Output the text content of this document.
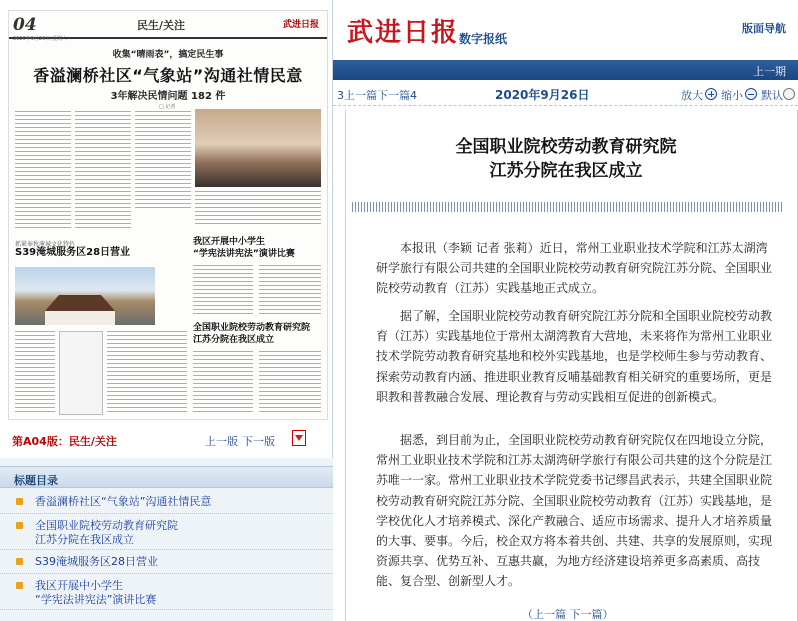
04	民生/关注	武进日报
2020年9月26日 星期六
收集“晴雨表”，搞定民生事
香溢澜桥社区“气象站”沟通社情民意
3年解决民情问题 182 件
□ 记者
抓紧奉秋淹城文化特色
S39淹城服务区28日营业
我区开展中小学生
“学宪法讲宪法”演讲比赛
全国职业院校劳动教育研究院
江苏分院在我区成立
第A04版：民生/关注	上一版 下一版
标题目录
香溢澜桥社区“气象站”沟通社情民意
全国职业院校劳动教育研究院
江苏分院在我区成立
S39淹城服务区28日营业
我区开展中小学生
“学宪法讲宪法”演讲比赛
武进日报 数字报纸
版面导航
上一期
3上一篇 下一篇4	2020年9月26日	放大 缩小 默认
全国职业院校劳动教育研究院
江苏分院在我区成立

本报讯（李颖 记者 张莉）近日，常州工业职业技术学院和江苏太湖湾研学旅行有限公司共建的全国职业院校劳动教育研究院江苏分院、全国职业院校劳动教育（江苏）实践基地正式成立。

据了解，全国职业院校劳动教育研究院江苏分院和全国职业院校劳动教育（江苏）实践基地位于常州太湖湾教育大营地，未来将作为常州工业职业技术学院劳动教育研究基地和校外实践基地，也是学校师生参与劳动教育、探索劳动教育内涵、推进职业教育反哺基础教育相关研究的重要场所，更是职教和普教融合发展、理论教育与劳动实践相互促进的创新模式。

据悉，到目前为止，全国职业院校劳动教育研究院仅在四地设立分院，常州工业职业技术学院和江苏太湖湾研学旅行有限公司共建的这个分院是江苏唯一一家。常州工业职业技术学院党委书记缪昌武表示，共建全国职业院校劳动教育研究院江苏分院、全国职业院校劳动教育（江苏）实践基地，是学校优化人才培养模式、深化产教融合、适应市场需求、提升人才培养质量的大事、要事。今后，校企双方将本着共创、共建、共享的发展原则，实现资源共享、优势互补、互惠共赢，为地方经济建设培养更多高素质、高技能、复合型、创新型人才。

（上一篇 下一篇）
